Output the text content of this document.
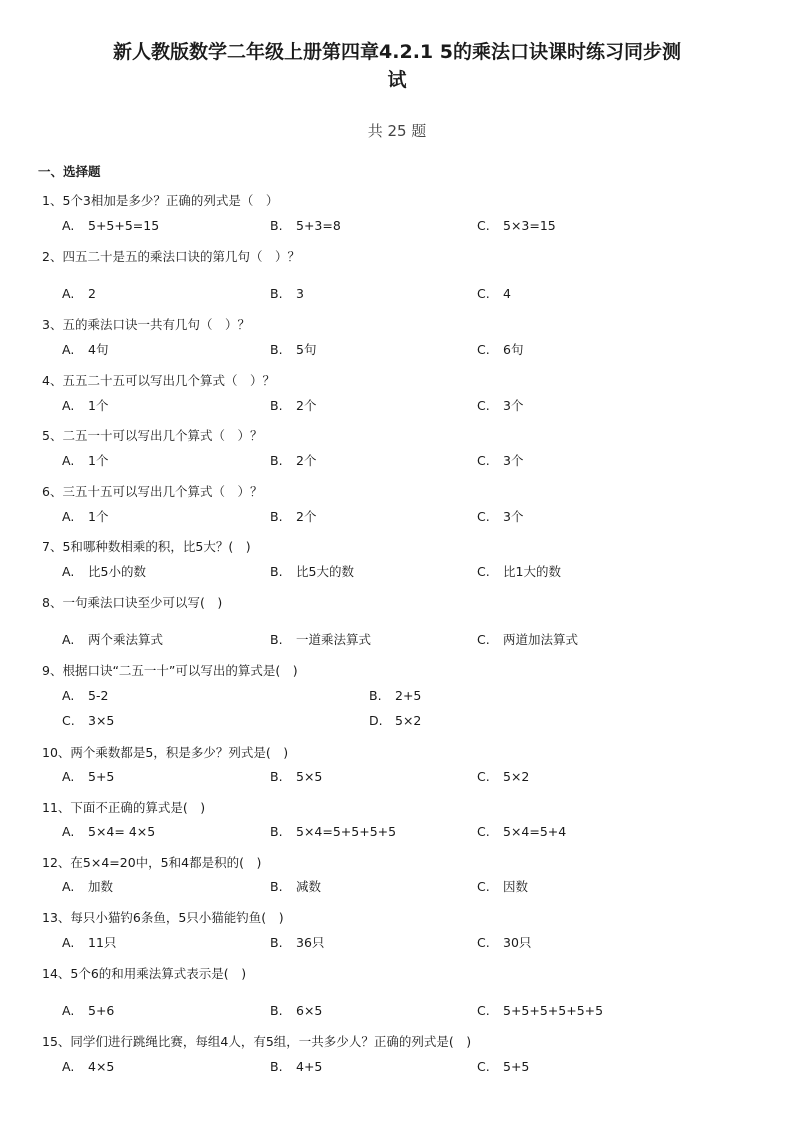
新人教版数学二年级上册第四章4.2.1 5的乘法口诀课时练习同步测
试
共 25 题
一、选择题
1、5个3相加是多少？正确的列式是（　）
A. 5+5+5=15	B. 5+3=8	C. 5×3=15
2、四五二十是五的乘法口诀的第几句（　）？
A. 2	B. 3	C. 4
3、五的乘法口诀一共有几句（　）？
A. 4句	B. 5句	C. 6句
4、五五二十五可以写出几个算式（　）？
A. 1个	B. 2个	C. 3个
5、二五一十可以写出几个算式（　）？
A. 1个	B. 2个	C. 3个
6、三五十五可以写出几个算式（　）？
A. 1个	B. 2个	C. 3个
7、5和哪种数相乘的积，比5大？(　)
A. 比5小的数	B. 比5大的数	C. 比1大的数
8、一句乘法口诀至少可以写(　)
A. 两个乘法算式	B. 一道乘法算式	C. 两道加法算式
9、根据口诀“二五一十”可以写出的算式是(　)
A. 5-2	B. 2+5
C. 3×5	D. 5×2
10、两个乘数都是5，积是多少？列式是(　)
A. 5+5	B. 5×5	C. 5×2
11、下面不正确的算式是(　)
A. 5×4= 4×5	B. 5×4=5+5+5+5	C. 5×4=5+4
12、在5×4=20中，5和4都是积的(　)
A. 加数	B. 减数	C. 因数
13、每只小猫钓6条鱼，5只小猫能钓鱼(　)
A. 11只	B. 36只	C. 30只
14、5个6的和用乘法算式表示是(　)
A. 5+6	B. 6×5	C. 5+5+5+5+5+5
15、同学们进行跳绳比赛，每组4人，有5组，一共多少人？正确的列式是(　)
A. 4×5	B. 4+5	C. 5+5
